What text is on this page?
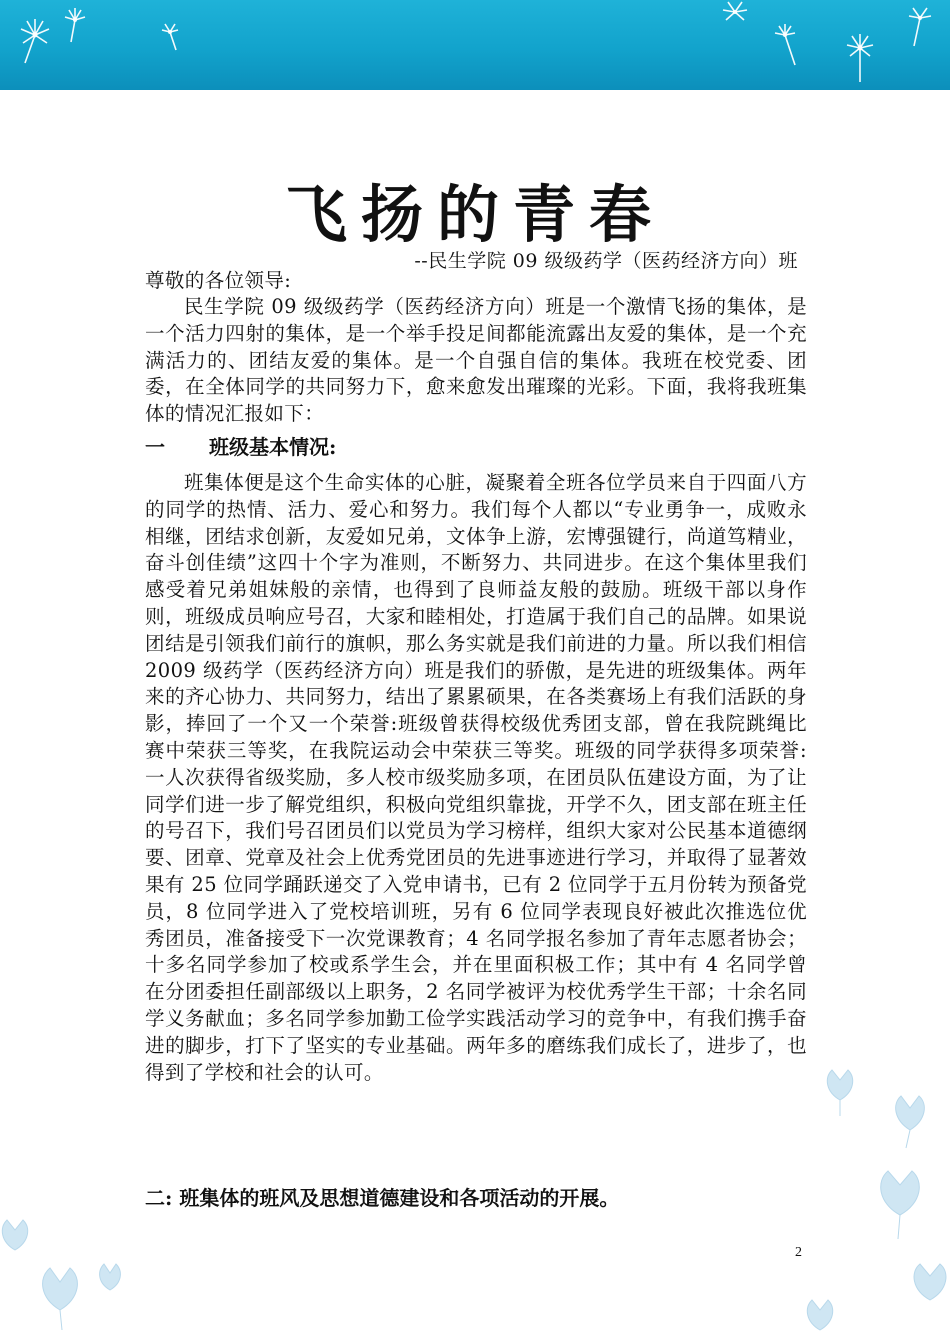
飞扬的青春
--民生学院 09 级级药学（医药经济方向）班
尊敬的各位领导:
民生学院 09 级级药学（医药经济方向）班是一个激情飞扬的集体，是一个活力四射的集体，是一个举手投足间都能流露出友爱的集体，是一个充满活力的、团结友爱的集体。是一个自强自信的集体。我班在校党委、团委，在全体同学的共同努力下，愈来愈发出璀璨的光彩。下面，我将我班集体的情况汇报如下：
一 班级基本情况:
班集体便是这个生命实体的心脏，凝聚着全班各位学员来自于四面八方的同学的热情、活力、爱心和努力。我们每个人都以“专业勇争一，成败永相继，团结求创新，友爱如兄弟，文体争上游，宏博强键行，尚道笃精业，奋斗创佳绩”这四十个字为准则，不断努力、共同进步。在这个集体里我们感受着兄弟姐妹般的亲情，也得到了良师益友般的鼓励。班级干部以身作则，班级成员响应号召，大家和睦相处，打造属于我们自己的品牌。如果说团结是引领我们前行的旗帜，那么务实就是我们前进的力量。所以我们相信 2009 级药学（医药经济方向）班是我们的骄傲，是先进的班级集体。两年来的齐心协力、共同努力，结出了累累硕果，在各类赛场上有我们活跃的身影，捧回了一个又一个荣誉:班级曾获得校级优秀团支部，曾在我院跳绳比赛中荣获三等奖，在我院运动会中荣获三等奖。班级的同学获得多项荣誉: 一人次获得省级奖励，多人校市级奖励多项，在团员队伍建设方面，为了让同学们进一步了解党组织，积极向党组织靠拢，开学不久，团支部在班主任的号召下，我们号召团员们以党员为学习榜样，组织大家对公民基本道德纲要、团章、党章及社会上优秀党团员的先进事迹进行学习，并取得了显著效果有 25 位同学踊跃递交了入党申请书，已有 2 位同学于五月份转为预备党员，8 位同学进入了党校培训班，另有 6 位同学表现良好被此次推选位优秀团员，准备接受下一次党课教育；4 名同学报名参加了青年志愿者协会；十多名同学参加了校或系学生会，并在里面积极工作；其中有 4 名同学曾在分团委担任副部级以上职务，2 名同学被评为校优秀学生干部；十余名同学义务献血；多名同学参加勤工俭学实践活动学习的竞争中，有我们携手奋进的脚步，打下了坚实的专业基础。两年多的磨练我们成长了，进步了，也得到了学校和社会的认可。
二: 班集体的班风及思想道德建设和各项活动的开展。
2
